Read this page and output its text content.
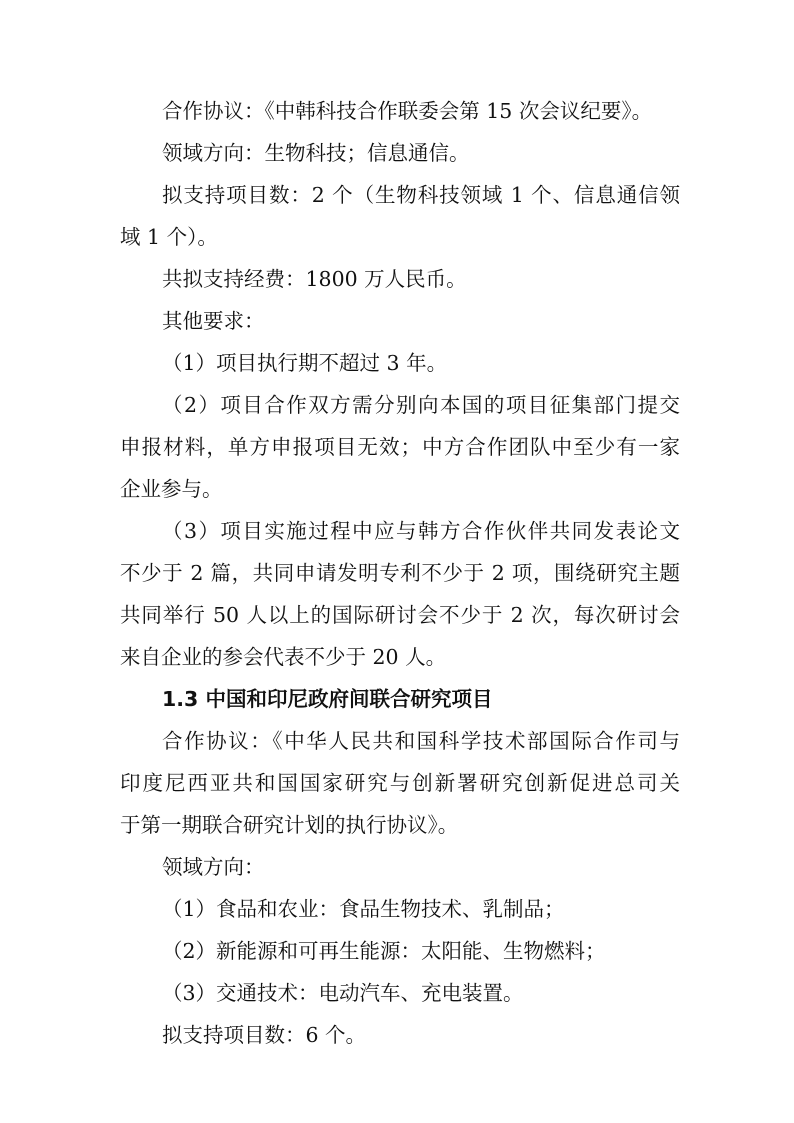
合作协议：《中韩科技合作联委会第 15 次会议纪要》。

领域方向：生物科技；信息通信。

拟支持项目数：2 个（生物科技领域 1 个、信息通信领

域 1 个）。

共拟支持经费：1800 万人民币。

其他要求：

（1）项目执行期不超过 3 年。

（2）项目合作双方需分别向本国的项目征集部门提交

申报材料，单方申报项目无效；中方合作团队中至少有一家

企业参与。

（3）项目实施过程中应与韩方合作伙伴共同发表论文

不少于 2 篇，共同申请发明专利不少于 2 项，围绕研究主题

共同举行 50 人以上的国际研讨会不少于 2 次，每次研讨会

来自企业的参会代表不少于 20 人。

1.3 中国和印尼政府间联合研究项目

合作协议：《中华人民共和国科学技术部国际合作司与

印度尼西亚共和国国家研究与创新署研究创新促进总司关

于第一期联合研究计划的执行协议》。

领域方向：

（1）食品和农业：食品生物技术、乳制品；

（2）新能源和可再生能源：太阳能、生物燃料；

（3）交通技术：电动汽车、充电装置。

拟支持项目数：6 个。
